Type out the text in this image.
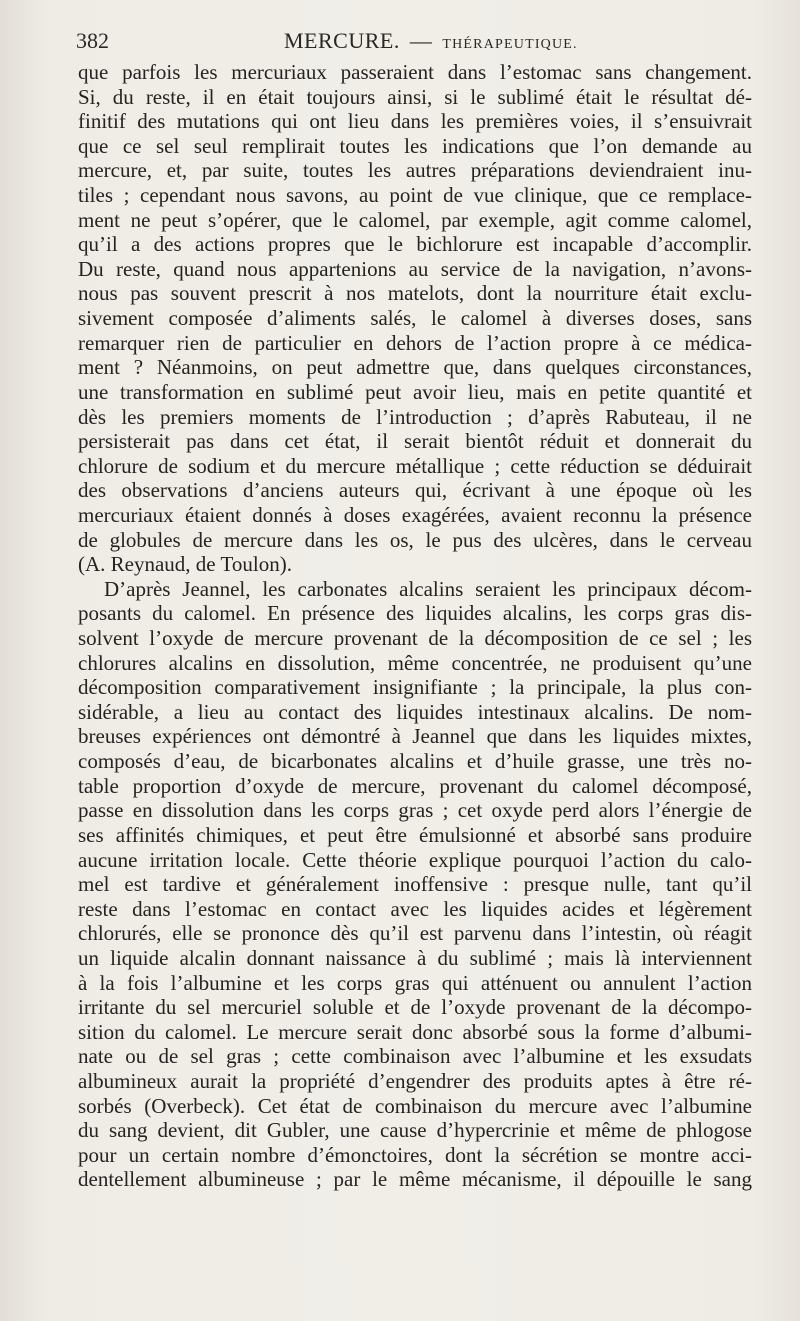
382	MERCURE. — THÉRAPEUTIQUE.
que parfois les mercuriaux passeraient dans l’estomac sans changement.
Si, du reste, il en était toujours ainsi, si le sublimé était le résultat dé-
finitif des mutations qui ont lieu dans les premières voies, il s’ensuivrait
que ce sel seul remplirait toutes les indications que l’on demande au
mercure, et, par suite, toutes les autres préparations deviendraient inu-
tiles ; cependant nous savons, au point de vue clinique, que ce remplace-
ment ne peut s’opérer, que le calomel, par exemple, agit comme calomel,
qu’il a des actions propres que le bichlorure est incapable d’accomplir.
Du reste, quand nous appartenions au service de la navigation, n’avons-
nous pas souvent prescrit à nos matelots, dont la nourriture était exclu-
sivement composée d’aliments salés, le calomel à diverses doses, sans
remarquer rien de particulier en dehors de l’action propre à ce médica-
ment ? Néanmoins, on peut admettre que, dans quelques circonstances,
une transformation en sublimé peut avoir lieu, mais en petite quantité et
dès les premiers moments de l’introduction ; d’après Rabuteau, il ne
persisterait pas dans cet état, il serait bientôt réduit et donnerait du
chlorure de sodium et du mercure métallique ; cette réduction se déduirait
des observations d’anciens auteurs qui, écrivant à une époque où les
mercuriaux étaient donnés à doses exagérées, avaient reconnu la présence
de globules de mercure dans les os, le pus des ulcères, dans le cerveau
(A. Reynaud, de Toulon).
D’après Jeannel, les carbonates alcalins seraient les principaux décom-
posants du calomel. En présence des liquides alcalins, les corps gras dis-
solvent l’oxyde de mercure provenant de la décomposition de ce sel ; les
chlorures alcalins en dissolution, même concentrée, ne produisent qu’une
décomposition comparativement insignifiante ; la principale, la plus con-
sidérable, a lieu au contact des liquides intestinaux alcalins. De nom-
breuses expériences ont démontré à Jeannel que dans les liquides mixtes,
composés d’eau, de bicarbonates alcalins et d’huile grasse, une très no-
table proportion d’oxyde de mercure, provenant du calomel décomposé,
passe en dissolution dans les corps gras ; cet oxyde perd alors l’énergie de
ses affinités chimiques, et peut être émulsionné et absorbé sans produire
aucune irritation locale. Cette théorie explique pourquoi l’action du calo-
mel est tardive et généralement inoffensive : presque nulle, tant qu’il
reste dans l’estomac en contact avec les liquides acides et légèrement
chlorurés, elle se prononce dès qu’il est parvenu dans l’intestin, où réagit
un liquide alcalin donnant naissance à du sublimé ; mais là interviennent
à la fois l’albumine et les corps gras qui atténuent ou annulent l’action
irritante du sel mercuriel soluble et de l’oxyde provenant de la décompo-
sition du calomel. Le mercure serait donc absorbé sous la forme d’albumi-
nate ou de sel gras ; cette combinaison avec l’albumine et les exsudats
albumineux aurait la propriété d’engendrer des produits aptes à être ré-
sorbés (Overbeck). Cet état de combinaison du mercure avec l’albumine
du sang devient, dit Gubler, une cause d’hypercrinie et même de phlogose
pour un certain nombre d’émonctoires, dont la sécrétion se montre acci-
dentellement albumineuse ; par le même mécanisme, il dépouille le sang
